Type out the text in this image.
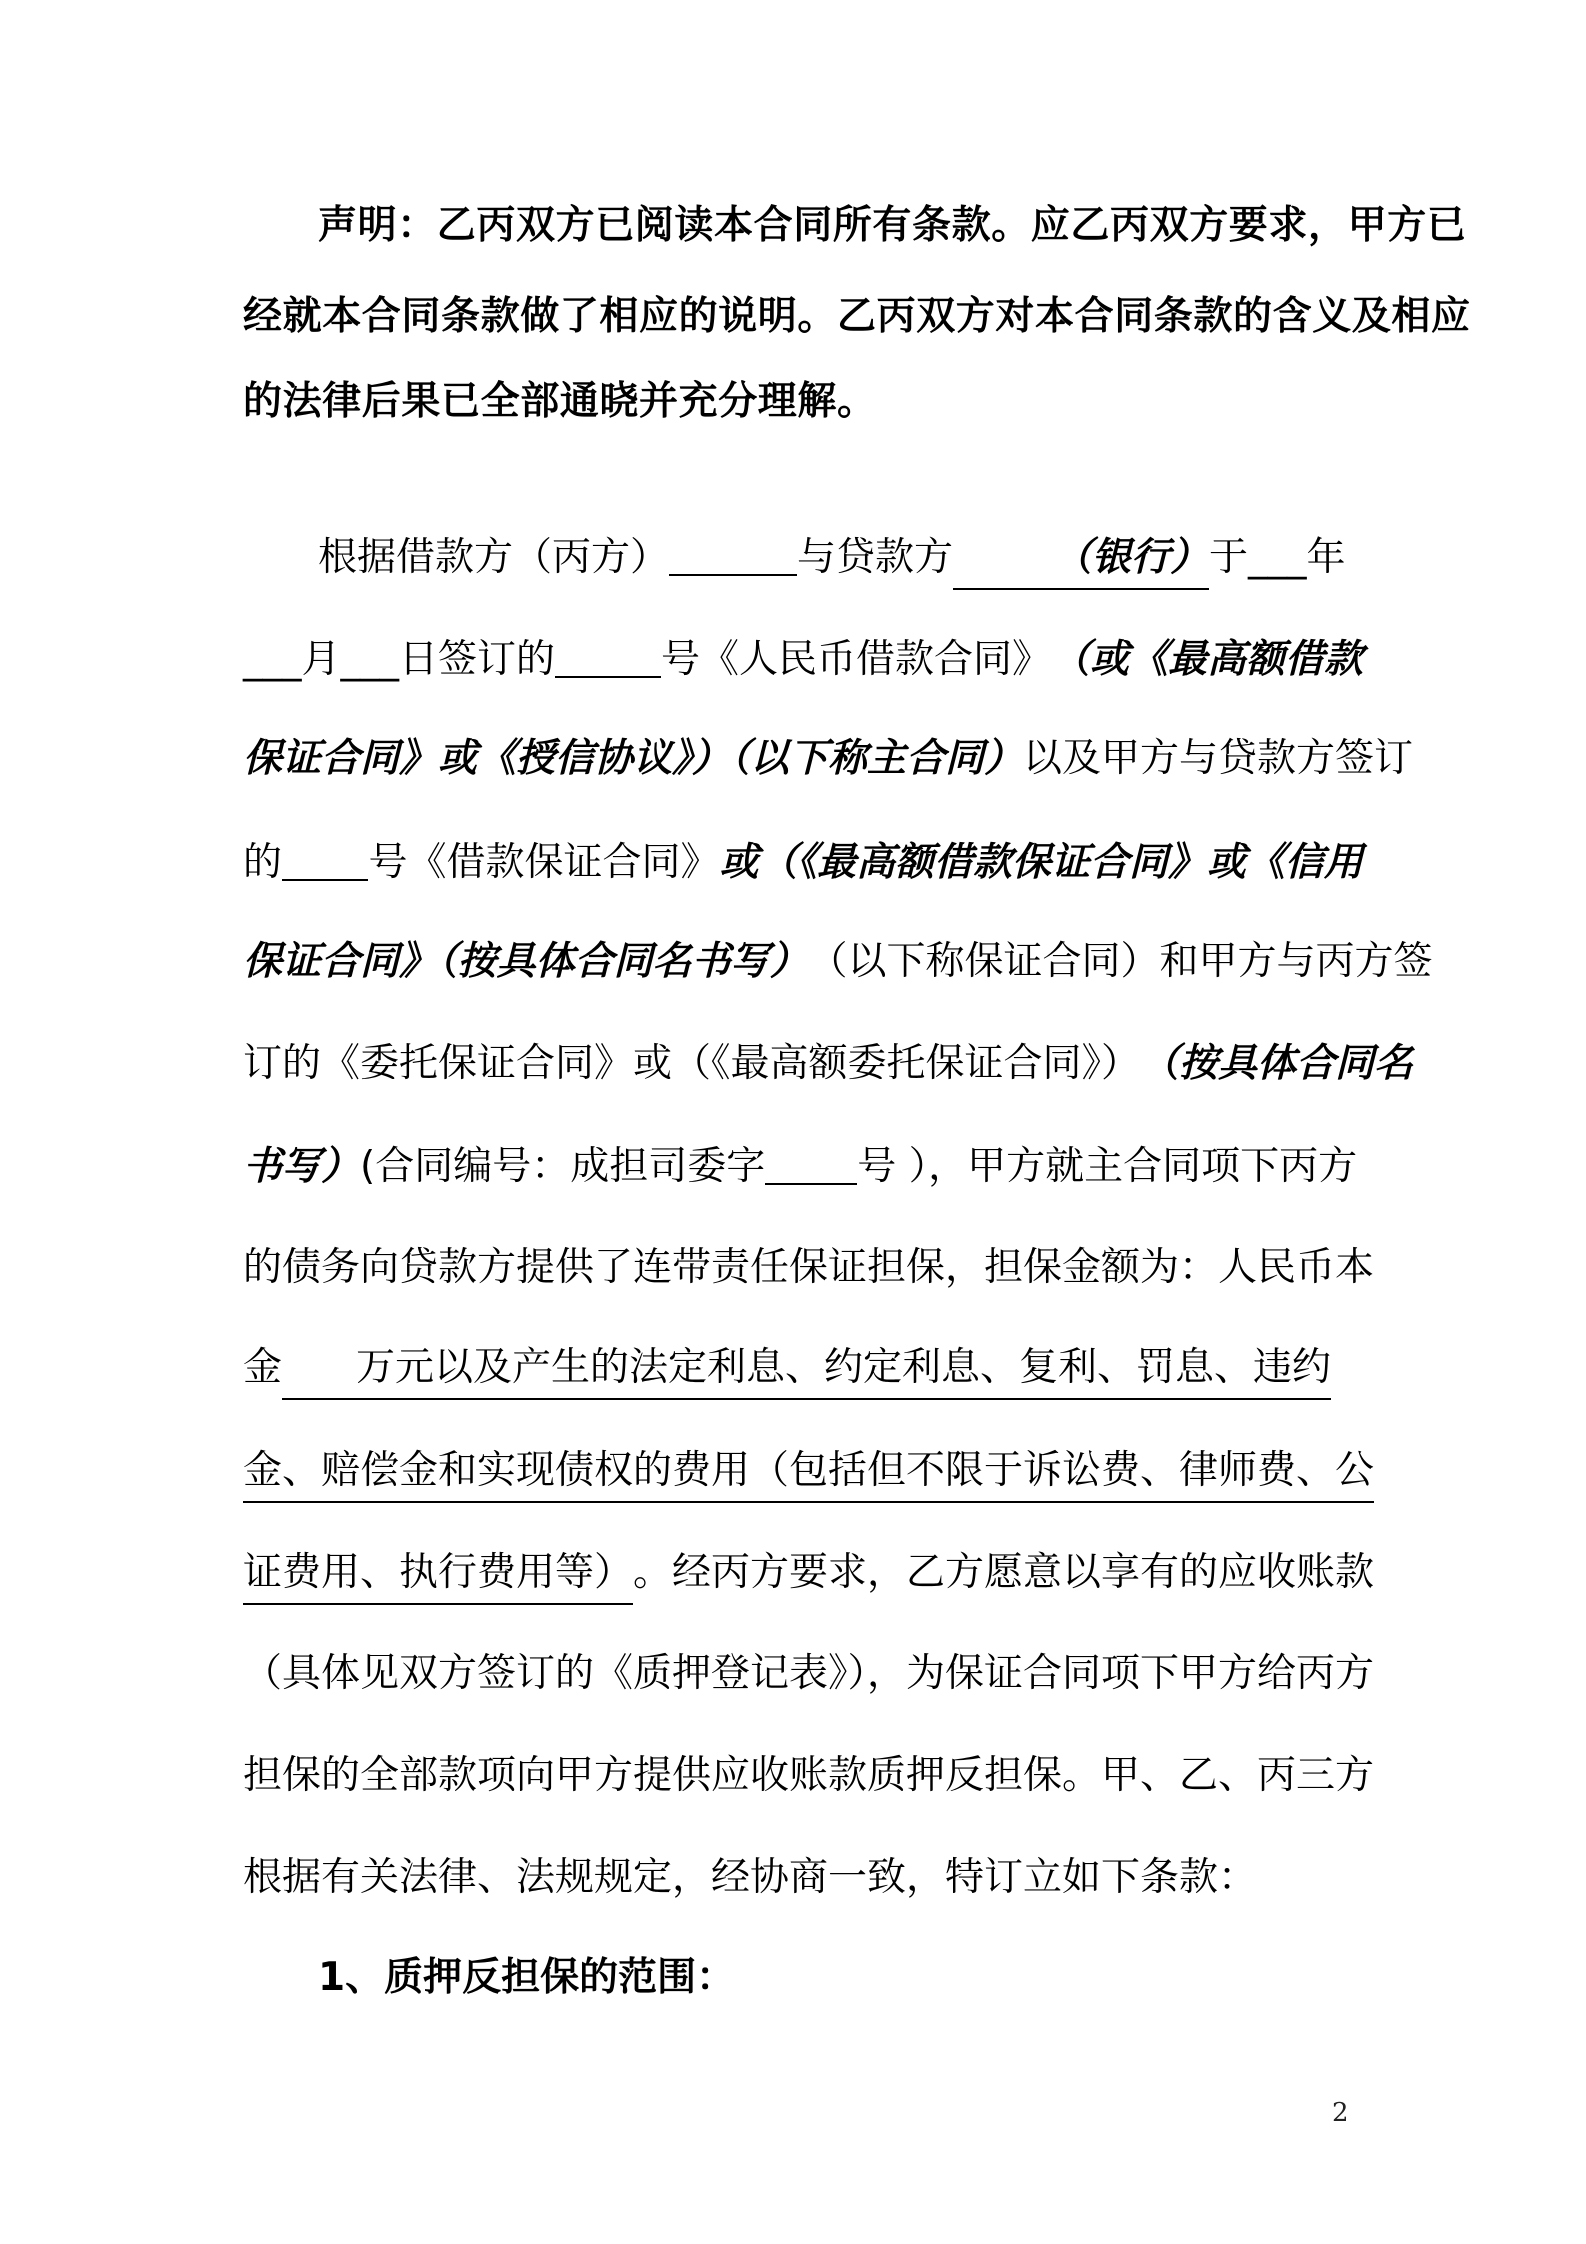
声明：乙丙双方已阅读本合同所有条款。应乙丙双方要求，甲方已
经就本合同条款做了相应的说明。乙丙双方对本合同条款的含义及相应
的法律后果已全部通晓并充分理解。
根据借款方（丙方）	与贷款方	（银行） 于___年
___月___日签订的	号《人民币借款合同》 （或《最高额借款
保证合同》或《授信协议》）（以下称主合同） 以及甲方与贷款方签订
的 号《借款保证合同》 或（《最高额借款保证合同》或《信用
保证合同》（按具体合同名书写） （以下称保证合同）和甲方与丙方签
订的《委托保证合同》或（《最高额委托保证合同》） （按具体合同名
书写） (合同编号：成担司委字 号 ），甲方就主合同项下丙方
的债务向贷款方提供了连带责任保证担保，担保金额为：人民币本
金	万元以及产生的法定利息、约定利息、复利、罚息、违约
金、赔偿金和实现债权的费用（包括但不限于诉讼费、律师费、公
证费用、执行费用等） 。经丙方要求，乙方愿意以享有的应收账款
（具体见双方签订的《质押登记表》），为保证合同项下甲方给丙方
担保的全部款项向甲方提供应收账款质押反担保。甲、乙、丙三方
根据有关法律、法规规定，经协商一致，特订立如下条款：
1、质押反担保的范围：
2
